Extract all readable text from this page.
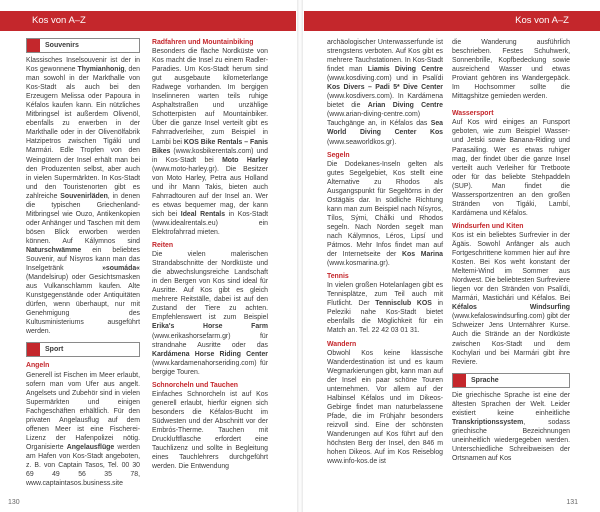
Kos von A–Z
Souvenirs

Klassisches Inselsouvenir ist der in Kos gewonnene Thymianhonig, den man sowohl in der Markthalle von Kos-Stadt als auch bei den Erzeugern Melissa oder Papoura in Kéfalos kaufen kann. Ein nützliches Mitbringsel ist außerdem Olivenöl, ebenfalls zu erwerben in der Markthalle oder in der Olivenölfabrik Hatzipetros zwischen Tigáki und Marmári. Edle Tropfen von den Weingütern der Insel erhält man bei den Produzenten selbst, aber auch in vielen Supermärkten. In Kos-Stadt und den Touristenorten gibt es zahlreiche Souvenirläden, in denen die typischen Griechenland-Mitbringsel wie Ouzo, Antikenkopien oder Anhänger und Taschen mit dem bösen Blick erworben werden können. Auf Kálymnos sind Naturschwämme ein beliebtes Souvenir, auf Nísyros kann man das Inselgetränk »soumáda« (Mandelsirup) oder Gesichtsmasken aus Vulkanschlamm kaufen. Alte Kunstgegenstände oder Antiquitäten dürfen, wenn überhaupt, nur mit Genehmigung des Kultusministeriums ausgeführt werden.

Sport
Angeln

Generell ist Fischen im Meer erlaubt, sofern man vom Ufer aus angelt. Angelsets und Zubehör sind in vielen Supermärkten und einigen Fachgeschäften erhältlich. Für den privaten Angelausflug auf dem offenen Meer ist eine Fischerei-Lizenz der Hafenpolizei nötig. Organisierte Angelausflüge werden am Hafen von Kos-Stadt angeboten, z. B. von Captain Tasos, Tel. 00 30 69 49 56 35 78, www.captaintasos.business.site

Radfahren und Mountainbiking

Besonders die flache Nordküste von Kos macht die Insel zu einem Radler-Paradies. Um Kos-Stadt herum sind gut ausgebaute kilometerlange Radwege vorhanden. Im bergigen Inselinneren warten teils ruhige Asphaltstraßen und unzählige Schotterpisten auf Mountainbiker. Über die ganze Insel verteilt gibt es Fahrradverleiher, zum Beispiel in Lambi bei KOS Bike Rentals – Fanis Bikes (www.kosbikerentals.com) und in Kos-Stadt bei Moto Harley (www.moto-harley.gr). Die Besitzer von Moto Harley, Petra aus Holland und ihr Mann Takis, bieten auch Fahrradtouren auf der Insel an. Wer es etwas bequemer mag, der kann sich bei Ideal Rentals in Kos-Stadt (www.idealrentals.eu) ein Elektrofahrrad mieten.

Reiten

Die vielen malerischen Strandabschnitte der Nordküste und die abwechslungsreiche Landschaft in den Bergen von Kos sind ideal für Ausritte. Auf Kos gibt es gleich mehrere Reitställe, dabei ist auf den Zustand der Tiere zu achten. Empfehlenswert ist zum Beispiel Erika's Horse Farm (www.erikashorsefarm.gr) für strandnahe Ausritte oder das Kardámena Horse Riding Center (www.kardamenahorseriding.com) für bergige Touren.

Schnorcheln und Tauchen

Einfaches Schnorcheln ist auf Kos generell erlaubt, hierfür eignen sich besonders die Kéfalos-Bucht im Südwesten und der Abschnitt vor der Embrós-Therme. Tauchen mit Druckluftflasche erfordert eine Tauchlizenz und sollte in Begleitung eines Tauchlehrers durchgeführt werden. Die Entwendung

130
Kos von A–Z

archäologischer Unterwasserfunde ist strengstens verboten. Auf Kos gibt es mehrere Tauchstationen. In Kos-Stadt findet man Liamis Diving Centre (www.kosdiving.com) und in Psalídi Kos Divers – Padi 5* Dive Center (www.kosdivers.com). In Kardámena bietet die Arian Diving Centre (www.arian-diving-centre.com) Tauchgänge an, in Kéfalos das Sea World Diving Center Kos (www.seaworldkos.gr).

Segeln

Die Dodekanes-Inseln gelten als gutes Segelgebiet, Kos stellt eine Alternative zu Rhodos als Ausgangspunkt für Segeltörns in der Ostägäis dar. In südliche Richtung kann man zum Beispiel nach Nísyros, Tílos, Sými, Chálki und Rhodos segeln. Nach Norden segelt man nach Kálymnos, Léros, Lipsí und Pátmos. Mehr Infos findet man auf der Internetseite der Kos Marina (www.kosmarina.gr).

Tennis

In vielen großen Hotelanlagen gibt es Tennisplätze, zum Teil auch mit Flutlicht. Der Tennisclub KOS in Peleziki nahe Kos-Stadt bietet ebenfalls die Möglichkeit für ein Match an. Tel. 22 42 03 01 31.

Wandern

Obwohl Kos keine klassische Wanderdestination ist und es kaum Wegmarkierungen gibt, kann man auf der Insel ein paar schöne Touren unternehmen. Vor allem auf der Halbinsel Kéfalos und im Dikeos-Gebirge findet man naturbelassene Pfade, die im Frühjahr besonders reizvoll sind. Eine der schönsten Wanderungen auf Kos führt auf den höchsten Berg der Insel, den 846 m hohen Dikeos. Auf im Kos Reiseblog www.info-kos.de ist

die Wanderung ausführlich beschrieben. Festes Schuhwerk, Sonnenbrille, Kopfbedeckung sowie ausreichend Wasser und etwas Proviant gehören ins Wandergepäck. Im Hochsommer sollte die Mittagshitze gemieden werden.

Wassersport

Auf Kos wird einiges an Funsport geboten, wie zum Beispiel Wasser- und Jetski sowie Banana-Riding und Parasailing. Wer es etwas ruhiger mag, der findet über die ganze Insel verteilt auch Verleiher für Tretboote oder für das beliebte Stehpaddeln (SUP). Man findet die Wassersportzentren an den großen Stränden von Tigáki, Lambí, Kardámena und Kéfalos.

Windsurfen und Kiten

Kos ist ein beliebtes Surfrevier in der Ägäis. Sowohl Anfänger als auch Fortgeschrittene kommen hier auf ihre Kosten. Bei Kos weht konstant der Meltemi-Wind im Sommer aus Nordwest. Die beliebtesten Surfreviere liegen vor den Stränden von Psalídi, Marmári, Mastichári und Kéfalos. Bei Kéfalos Windsurfing (www.kefaloswindsurfing.com) gibt der Schweizer Jens Unternährer Kurse. Auch die Strände an der Nordküste zwischen Kos-Stadt und dem Kochylari und bei Marmári gibt ihre Reviere.

Sprache

Die griechische Sprache ist eine der ältesten Sprachen der Welt. Leider existiert keine einheitliche Transkriptionssystem, sodass griechische Bezeichnungen uneinheitlich wiedergegeben werden. Unterschiedliche Schreibweisen der Ortsnamen auf Kos

131
